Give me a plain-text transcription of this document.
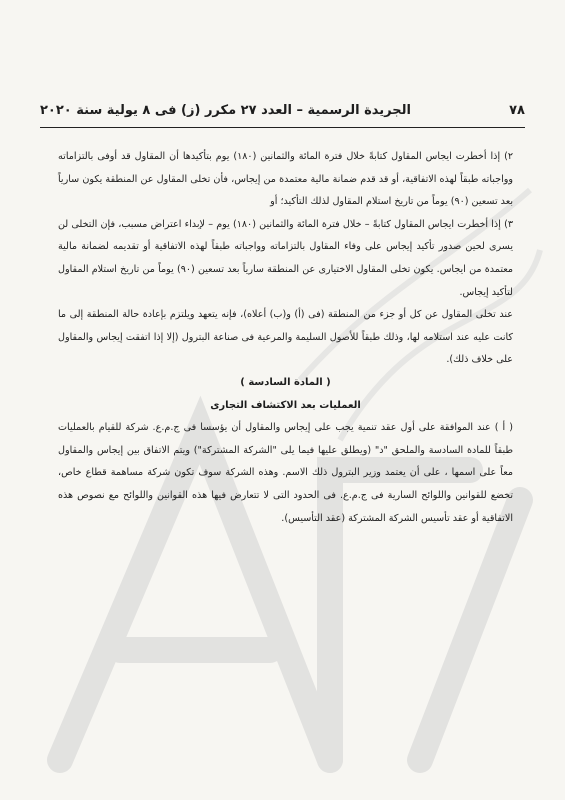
٧٨
الجريدة الرسمية – العدد ٢٧ مكرر (ز) فى ٨ يولية سنة ٢٠٢٠

٢) إذا أخطرت ايجاس المقاول كتابةً خلال فترة المائة والثمانين (١٨٠) يوم بتأكيدها أن المقاول قد أوفى بالتزاماته وواجباته طبقاً لهذه الاتفاقية، أو قد قدم ضمانة مالية معتمدة من إيجاس، فأن تخلى المقاول عن المنطقة يكون سارياً بعد تسعين (٩٠) يوماً من تاريخ استلام المقاول لذلك التأكيد؛ أو

٣) إذا أخطرت ايجاس المقاول كتابةً – خلال فترة المائة والثمانين (١٨٠) يوم – لإبداء اعتراض مسبب، فإن التخلى لن يسرى لحين صدور تأكيد إيجاس على وفاء المقاول بالتزاماته وواجباته طبقاً لهذه الاتفاقية أو تقديمه لضمانة مالية معتمدة من ايجاس. يكون تخلى المقاول الاختيارى عن المنطقة سارياً بعد تسعين (٩٠) يوماً من تاريخ استلام المقاول لتأكيد إيجاس.

عند تخلى المقاول عن كل أو جزء من المنطقة (فى (أ) و(ب) أعلاه)، فإنه يتعهد ويلتزم بإعادة حالة المنطقة إلى ما كانت عليه عند استلامه لها، وذلك طبقاً للأصول السليمة والمرعية فى صناعة البترول (إلا إذا اتفقت إيجاس والمقاول على خلاف ذلك).

( المادة السادسة )

العمليات بعد الاكتشاف التجارى

( أ ) عند الموافقة على أول عقد تنمية يجب على إيجاس والمقاول أن يؤسسا فى ج.م.ع. شركة للقيام بالعمليات طبقاً للمادة السادسة والملحق "د" (ويطلق عليها فيما يلى "الشركة المشتركة") ويتم الاتفاق بين إيجاس والمقاول معاً على اسمها ، على أن يعتمد وزير البترول ذلك الاسم. وهذه الشركة سوف تكون شركة مساهمة قطاع خاص، تخضع للقوانين واللوائح السارية فى ج.م.ع. فى الحدود التى لا تتعارض فيها هذه القوانين واللوائح مع نصوص هذه الاتفاقية أو عقد تأسيس الشركة المشتركة (عقد التأسيس).
